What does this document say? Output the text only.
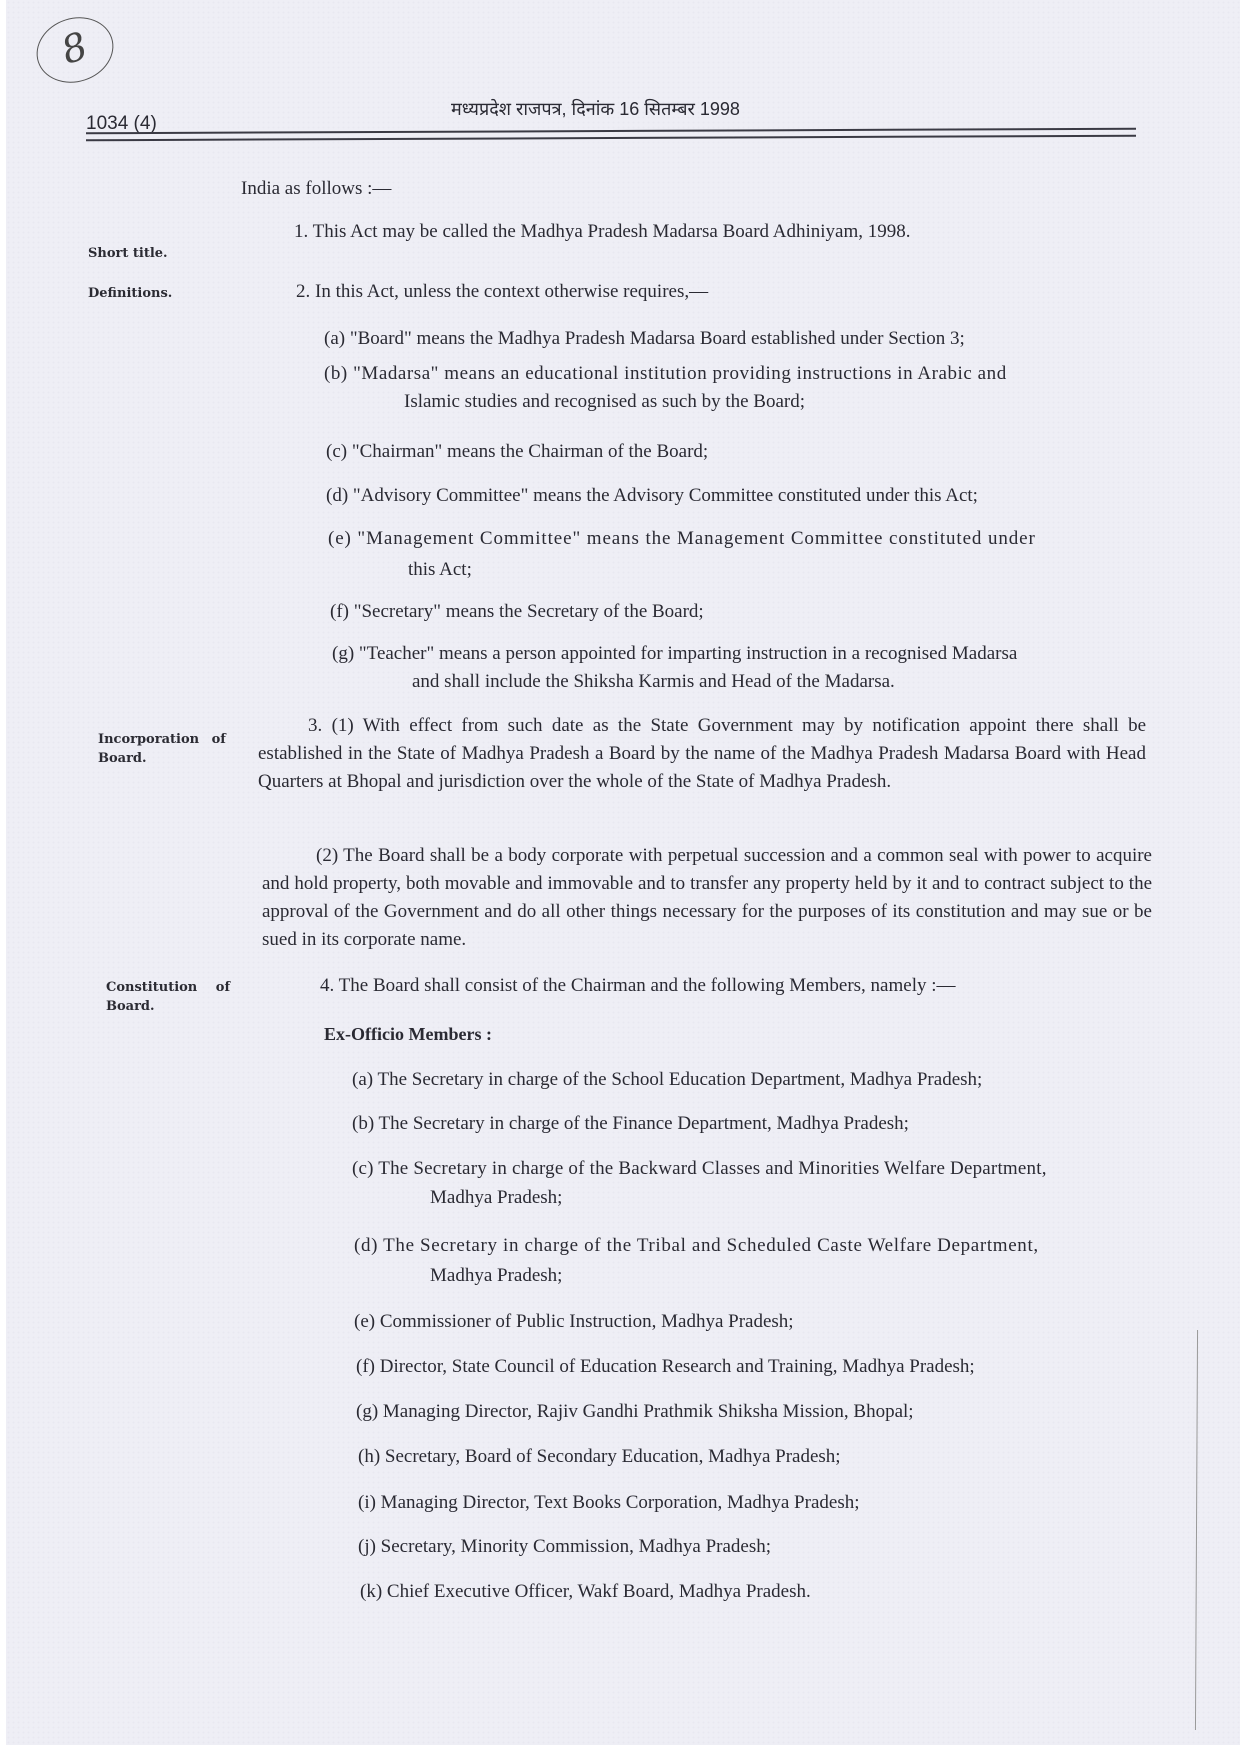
8
1034 (4)
मध्यप्रदेश राजपत्र, दिनांक 16 सितम्बर 1998
India as follows :—
Short title.
1. This Act may be called the Madhya Pradesh Madarsa Board Adhiniyam, 1998.
Definitions.	2. In this Act, unless the context otherwise requires,—
(a) "Board" means the Madhya Pradesh Madarsa Board established under Section 3;
(b) "Madarsa" means an educational institution providing instructions in Arabic and
Islamic studies and recognised as such by the Board;
(c) "Chairman" means the Chairman of the Board;
(d) "Advisory Committee" means the Advisory Committee constituted under this Act;
(e) "Management Committee" means the Management Committee constituted under
this Act;
(f) "Secretary" means the Secretary of the Board;
(g) "Teacher" means a person appointed for imparting instruction in a recognised Madarsa
and shall include the Shiksha Karmis and Head of the Madarsa.
Incorporation of
Board.
3. (1) With effect from such date as the State Government may by notification appoint there shall be established in the State of Madhya Pradesh a Board by the name of the Madhya Pradesh Madarsa Board with Head Quarters at Bhopal and jurisdiction over the whole of the State of Madhya Pradesh.
(2) The Board shall be a body corporate with perpetual succession and a common seal with power to acquire and hold property, both movable and immovable and to transfer any property held by it and to contract subject to the approval of the Government and do all other things necessary for the purposes of its constitution and may sue or be sued in its corporate name.
Constitution of
Board.
4. The Board shall consist of the Chairman and the following Members, namely :—
Ex-Officio Members :
(a) The Secretary in charge of the School Education Department, Madhya Pradesh;
(b) The Secretary in charge of the Finance Department, Madhya Pradesh;
(c) The Secretary in charge of the Backward Classes and Minorities Welfare Department,
Madhya Pradesh;
(d) The Secretary in charge of the Tribal and Scheduled Caste Welfare Department,
Madhya Pradesh;
(e) Commissioner of Public Instruction, Madhya Pradesh;
(f) Director, State Council of Education Research and Training, Madhya Pradesh;
(g) Managing Director, Rajiv Gandhi Prathmik Shiksha Mission, Bhopal;
(h) Secretary, Board of Secondary Education, Madhya Pradesh;
(i) Managing Director, Text Books Corporation, Madhya Pradesh;
(j) Secretary, Minority Commission, Madhya Pradesh;
(k) Chief Executive Officer, Wakf Board, Madhya Pradesh.
